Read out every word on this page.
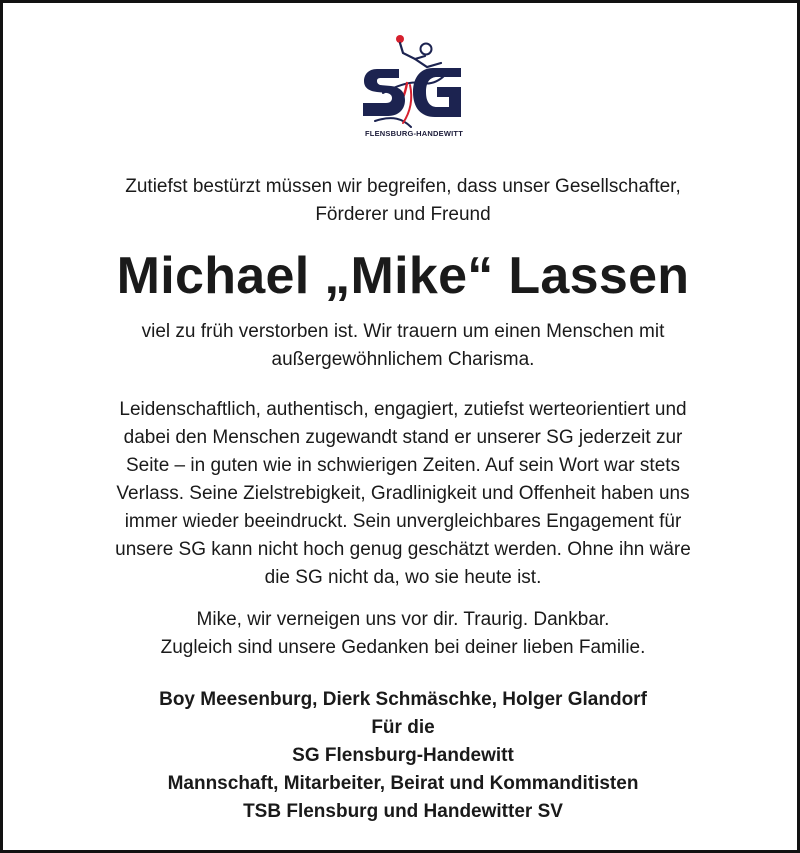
FLENSBURG-HANDEWITT
Zutiefst bestürzt müssen wir begreifen, dass unser Gesellschafter,
Förderer und Freund
Michael „Mike“ Lassen
viel zu früh verstorben ist. Wir trauern um einen Menschen mit
außergewöhnlichem Charisma.
Leidenschaftlich, authentisch, engagiert, zutiefst werteorientiert und
dabei den Menschen zugewandt stand er unserer SG jederzeit zur
Seite – in guten wie in schwierigen Zeiten. Auf sein Wort war stets
Verlass. Seine Zielstrebigkeit, Gradlinigkeit und Offenheit haben uns
immer wieder beeindruckt. Sein unvergleichbares Engagement für
unsere SG kann nicht hoch genug geschätzt werden. Ohne ihn wäre
die SG nicht da, wo sie heute ist.
Mike, wir verneigen uns vor dir. Traurig. Dankbar.
Zugleich sind unsere Gedanken bei deiner lieben Familie.
Boy Meesenburg, Dierk Schmäschke, Holger Glandorf
Für die
SG Flensburg-Handewitt
Mannschaft, Mitarbeiter, Beirat und Kommanditisten
TSB Flensburg und Handewitter SV
